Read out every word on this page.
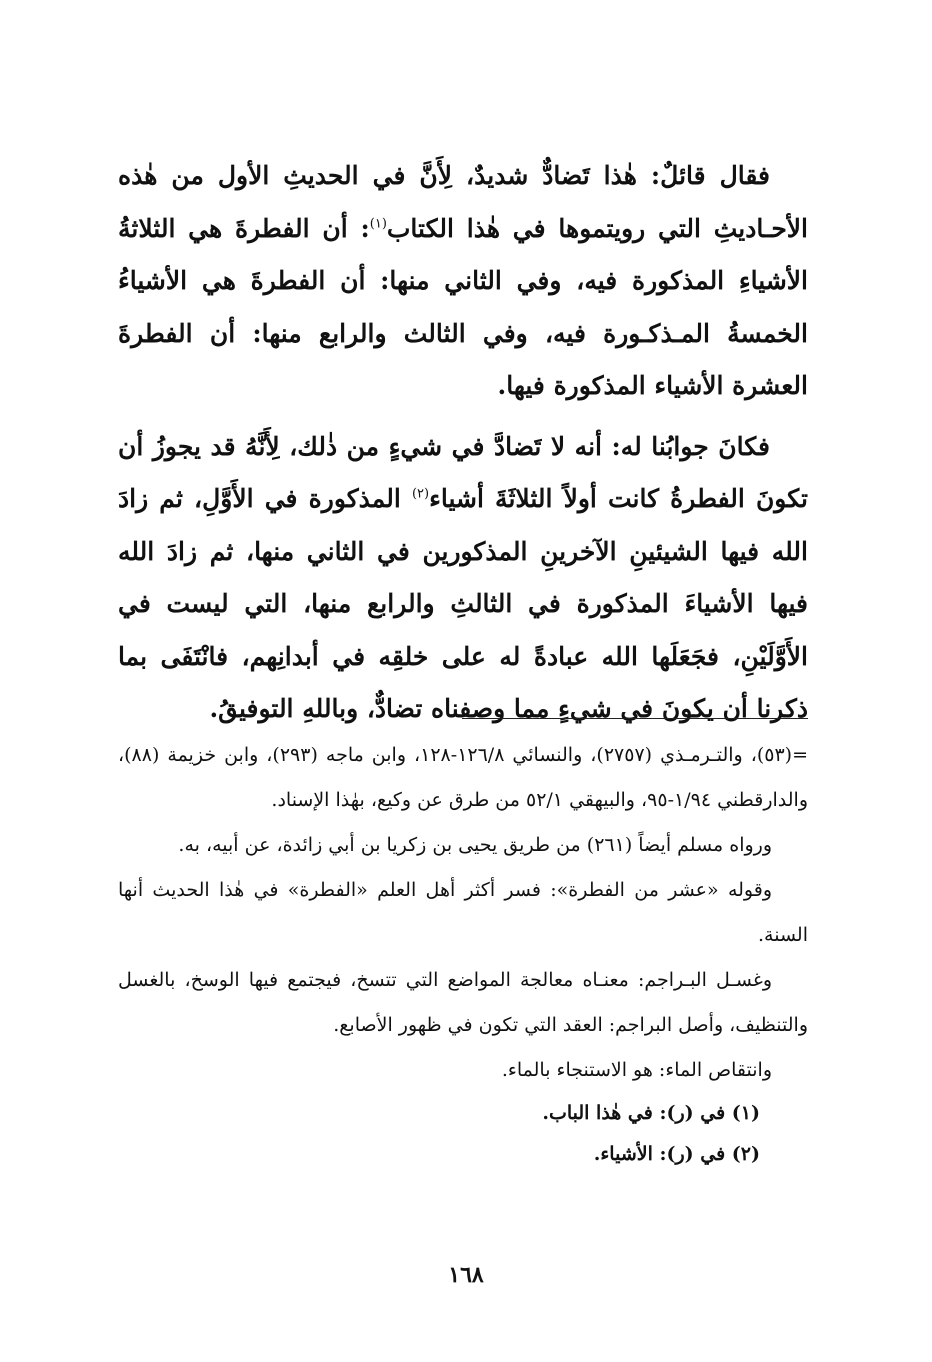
فقال قائلٌ: هٰذا تَضادٌّ شديدٌ، لِأَنَّ في الحديثِ الأول من هٰذه الأحـاديثِ التي رويتموها في هٰذا الكتاب$^{(١)}$: أن الفطرةَ هي الثلاثةُ الأشياءِ المذكورة فيه، وفي الثاني منها: أن الفطرةَ هي الأشياءُ الخمسةُ المـذكـورة فيه، وفي الثالث والرابع منها: أن الفطرةَ العشرة الأشياء المذكورة فيها.

فكانَ جوابُنا له: أنه لا تَضادَّ في شيءٍ من ذٰلك، لِأَنَّهُ قد يجوزُ أن تكونَ الفطرةُ كانت أولاً الثلاثَةَ أشياء$^{(٢)}$ المذكورة في الأَوَّلِ، ثم زادَ الله فيها الشيئينِ الآخرينِ المذكورين في الثاني منها، ثم زادَ الله فيها الأشياءَ المذكورة في الثالثِ والرابع منها، التي ليست في الأَوَّلَيْنِ، فجَعَلَها الله عبادةً له على خلقِه في أبدانِهم، فانْتَفَى بما ذكرنا أن يكونَ في شيءٍ مما وصفناه تضادٌّ، وباللهِ التوفيقُ.

=(٥٣)، والتـرمـذي (٢٧٥٧)، والنسائي ١٢٦/٨-١٢٨، وابن ماجه (٢٩٣)، وابن خزيمة (٨٨)، والدارقطني ١/٩٤-٩٥، والبيهقي ٥٢/١ من طرق عن وكيع، بهٰذا الإسناد.

ورواه مسلم أيضاً (٢٦١) من طريق يحيى بن زكريا بن أبي زائدة، عن أبيه، به.

وقوله «عشر من الفطرة»: فسر أكثر أهل العلم «الفطرة» في هٰذا الحديث أنها السنة.

وغسـل البـراجم: معنـاه معالجة المواضع التي تتسخ، فيجتمع فيها الوسخ، بالغسل والتنظيف، وأصل البراجم: العقد التي تكون في ظهور الأصابع.

وانتقاص الماء: هو الاستنجاء بالماء.

(١) في (ر): في هٰذا الباب.

(٢) في (ر): الأشياء.

١٦٨
